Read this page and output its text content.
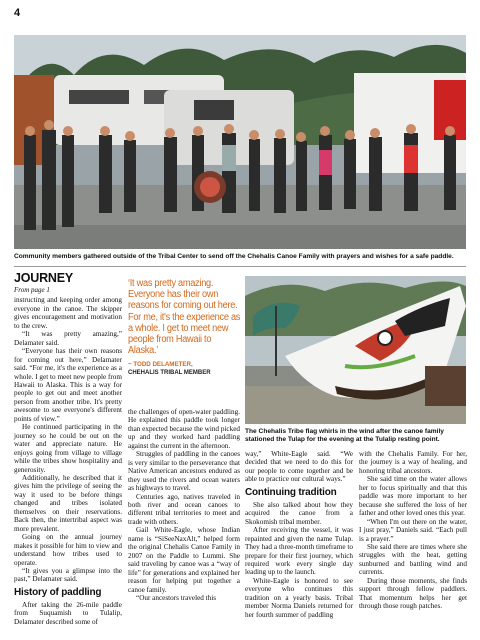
4
Community members gathered outside of the Tribal Center to send off the Chehalis Canoe Family with prayers and wishes for a safe paddle.
JOURNEY
From page 1

instructing and keeping order among everyone in the canoe. The skipper gives encouragement and motivation to the crew.

“It was pretty amazing,” Delamater said.

“Everyone has their own reasons for coming out here,” Delamater said. “For me, it's the experience as a whole. I get to meet new people from Hawaii to Alaska. This is a way for people to get out and meet another person from another tribe. It's pretty awesome to see everyone's different points of view.”

He continued participating in the journey so he could be out on the water and appreciate nature. He enjoys going from village to village while the tribes show hospitality and generosity.

Additionally, he described that it gives him the privilege of seeing the way it used to be before things changed and tribes isolated themselves on their reservations. Back then, the intertribal aspect was more prevalent.

Going on the annual journey makes it possible for him to view and understand how tribes used to operate.

“It gives you a glimpse into the past,” Delamater said.

History of paddling

After taking the 26-mile paddle from Suquamish to Tulalip, Delamater described some of

‘It was pretty amazing. Everyone has their own reasons for coming out here. For me, it's the experience as a whole. I get to meet new people from Hawaii to Alaska.’

~ TODD DELAMETER,

CHEHALIS TRIBAL MEMBER

the challenges of open-water paddling. He explained this paddle took longer than expected because the wind picked up and they worked hard paddling against the current in the afternoon.

Struggles of paddling in the canoes is very similar to the perseverance that Native American ancestors endured as they used the rivers and ocean waters as highways to travel.

Centuries ago, natives traveled in both river and ocean canoes to different tribal territories to meet and trade with others.

Gail White-Eagle, whose Indian name is “SiSeeNaxAlt,” helped form the original Chehalis Canoe Family in 2007 on the Paddle to Lummi. She said traveling by canoe was a “way of life” for generations and explained her reason for helping put together a canoe family.

“Our ancestors traveled this

The Chehalis Tribe flag whirls in the wind after the canoe family stationed the Tulap for the evening at the Tulalip resting point.

way,” White-Eagle said. “We decided that we need to do this for our people to come together and be able to practice our cultural ways.”

Continuing tradition

She also talked about how they acquired the canoe from a Skokomish tribal member.

After receiving the vessel, it was repainted and given the name Tulap. They had a three-month timeframe to prepare for their first journey, which required work every single day leading up to the launch.

White-Eagle is honored to see everyone who continues this tradition on a yearly basis. Tribal member Norma Daniels returned for her fourth summer of paddling

with the Chehalis Family. For her, the journey is a way of healing, and honoring tribal ancestors.

She said time on the water allows her to focus spiritually and that this paddle was more important to her because she suffered the loss of her father and other loved ones this year.

“When I'm out there on the water, I just pray,” Daniels said. “Each pull is a prayer.”

She said there are times where she struggles with the heat, getting sunburned and battling wind and currents.

During those moments, she finds support through fellow paddlers. That momentum helps her get through those rough patches.
